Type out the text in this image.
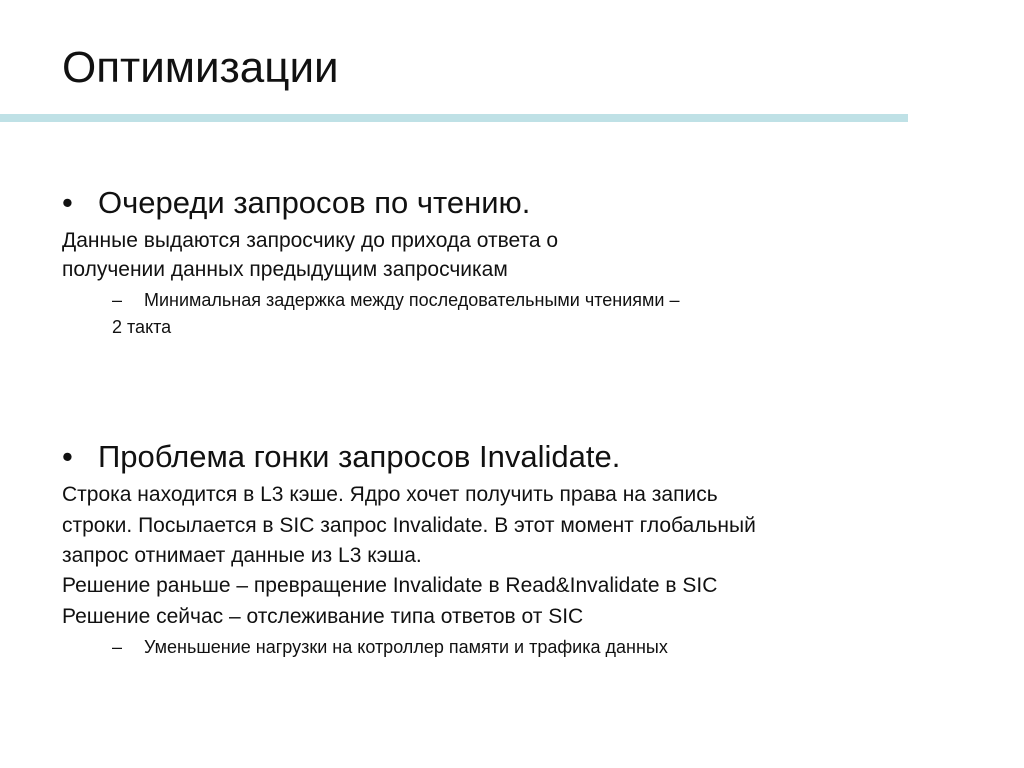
Оптимизации
• Очереди запросов по чтению.
Данные выдаются запросчику до прихода ответа о
получении данных предыдущим запросчикам
– Минимальная задержка между последовательными чтениями –
2 такта
• Проблема гонки запросов Invalidate.
Строка находится в L3 кэше. Ядро хочет получить права на запись
строки. Посылается в SIC запрос Invalidate. В этот момент глобальный
запрос отнимает данные из L3 кэша.
Решение раньше – превращение Invalidate в Read&Invalidate в SIC
Решение сейчас – отслеживание типа ответов от SIC
– Уменьшение нагрузки на котроллер памяти и трафика данных
